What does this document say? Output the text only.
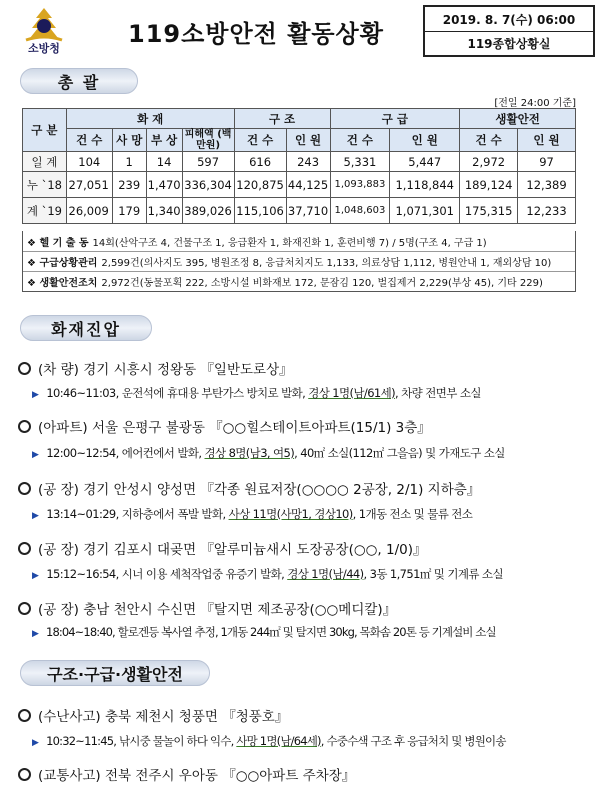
소방청
119소방안전 활동상황
2019. 8. 7(수) 06:00
119종합상황실
총 괄
[전일 24:00 기준]
구 분	화 재				구 조		구 급		생활안전	
	건 수	사 망	부 상	피해액 (백만원)	건 수	인 원	건 수	인 원	건 수	인 원
일 계	104	1	14	597	616	243	5,331	5,447	2,972	97
누 `18	27,051	239	1,470	336,304	120,875	44,125	1,093,883	1,118,844	189,124	12,389
계 `19	26,009	179	1,340	389,026	115,106	37,710	1,048,603	1,071,301	175,315	12,233
❖ 헬 기 출 동 14회(산악구조 4, 건물구조 1, 응급환자 1, 화재진화 1, 훈련비행 7) / 5명(구조 4, 구급 1)
❖ 구급상황관리 2,599건(의사지도 395, 병원조정 8, 응급처치지도 1,133, 의료상담 1,112, 병원안내 1, 재외상담 10)
❖ 생활안전조치 2,972건(동물포획 222, 소방시설 비화재보 172, 문잠김 120, 벌집제거 2,229(부상 45), 기타 229)
화재진압
(차 량) 경기 시흥시 정왕동 『일반도로상』
▶ 10:46~11:03, 운전석에 휴대용 부탄가스 방치로 발화, 경상 1명(남/61세), 차량 전면부 소실
(아파트) 서울 은평구 불광동 『○○힐스테이트아파트(15/1) 3층』
▶ 12:00~12:54, 에어컨에서 발화, 경상 8명(남3, 여5), 40㎡ 소실(112㎡ 그을음) 및 가재도구 소실
(공 장) 경기 안성시 양성면 『각종 원료저장(○○○○ 2공장, 2/1) 지하층』
▶ 13:14~01:29, 지하층에서 폭발 발화, 사상 11명(사망1, 경상10), 1개동 전소 및 물류 전소
(공 장) 경기 김포시 대곶면 『알루미늄새시 도장공장(○○, 1/0)』
▶ 15:12~16:54, 시너 이용 세척작업중 유증기 발화, 경상 1명(남/44), 3동 1,751㎡ 및 기계류 소실
(공 장) 충남 천안시 수신면 『탈지면 제조공장(○○메디칼)』
▶ 18:04~18:40, 할로겐등 복사열 추정, 1개동 244㎡ 및 탈지면 30kg, 목화솜 20톤 등 기계설비 소실
구조·구급·생활안전
(수난사고) 충북 제천시 청풍면 『청풍호』
▶ 10:32~11:45, 낚시중 물놀이 하다 익수, 사망 1명(남/64세), 수중수색 구조 후 응급처치 및 병원이송
(교통사고) 전북 전주시 우아동 『○○아파트 주차장』
